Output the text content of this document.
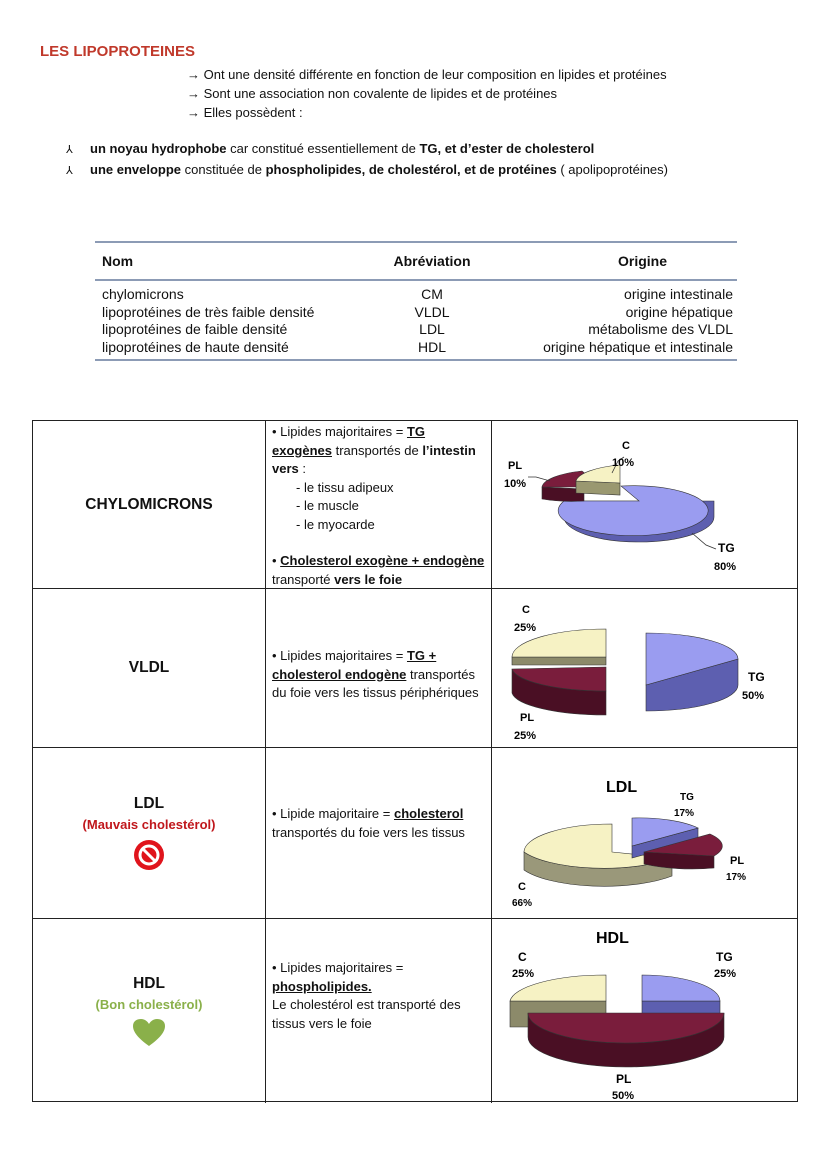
LES LIPOPROTEINES
→ Ont une densité différente en fonction de leur composition en lipides et protéines
→ Sont une association non covalente de lipides et de protéines
→ Elles possèdent :
⅄ un noyau hydrophobe car constitué essentiellement de TG, et d’ester de cholesterol
⅄ une enveloppe constituée de phospholipides, de cholestérol, et de protéines ( apolipoprotéines)
Nom	Abréviation	Origine
chylomicrons	CM	origine intestinale
lipoprotéines de très faible densité	VLDL	origine hépatique
lipoprotéines de faible densité	LDL	métabolisme des VLDL
lipoprotéines de haute densité	HDL	origine hépatique et intestinale
CHYLOMICRONS
• Lipides majoritaires = TG exogènes transportés de l’intestin vers :
- le tissu adipeux
- le muscle
- le myocarde
• Cholesterol exogène + endogène transporté vers le foie
C
10%
PL
10%
TG
80%
VLDL
• Lipides majoritaires = TG + cholesterol endogène transportés du foie vers les tissus périphériques
C
25%
PL
25%
TG
50%
LDL
(Mauvais cholestérol)
• Lipide majoritaire = cholesterol transportés du foie vers les tissus
LDL
TG
17%
PL
17%
C
66%
HDL
(Bon cholestérol)
• Lipides majoritaires = phospholipides.
Le cholestérol est transporté des tissus vers le foie
HDL
C
25%
TG
25%
PL
50%
